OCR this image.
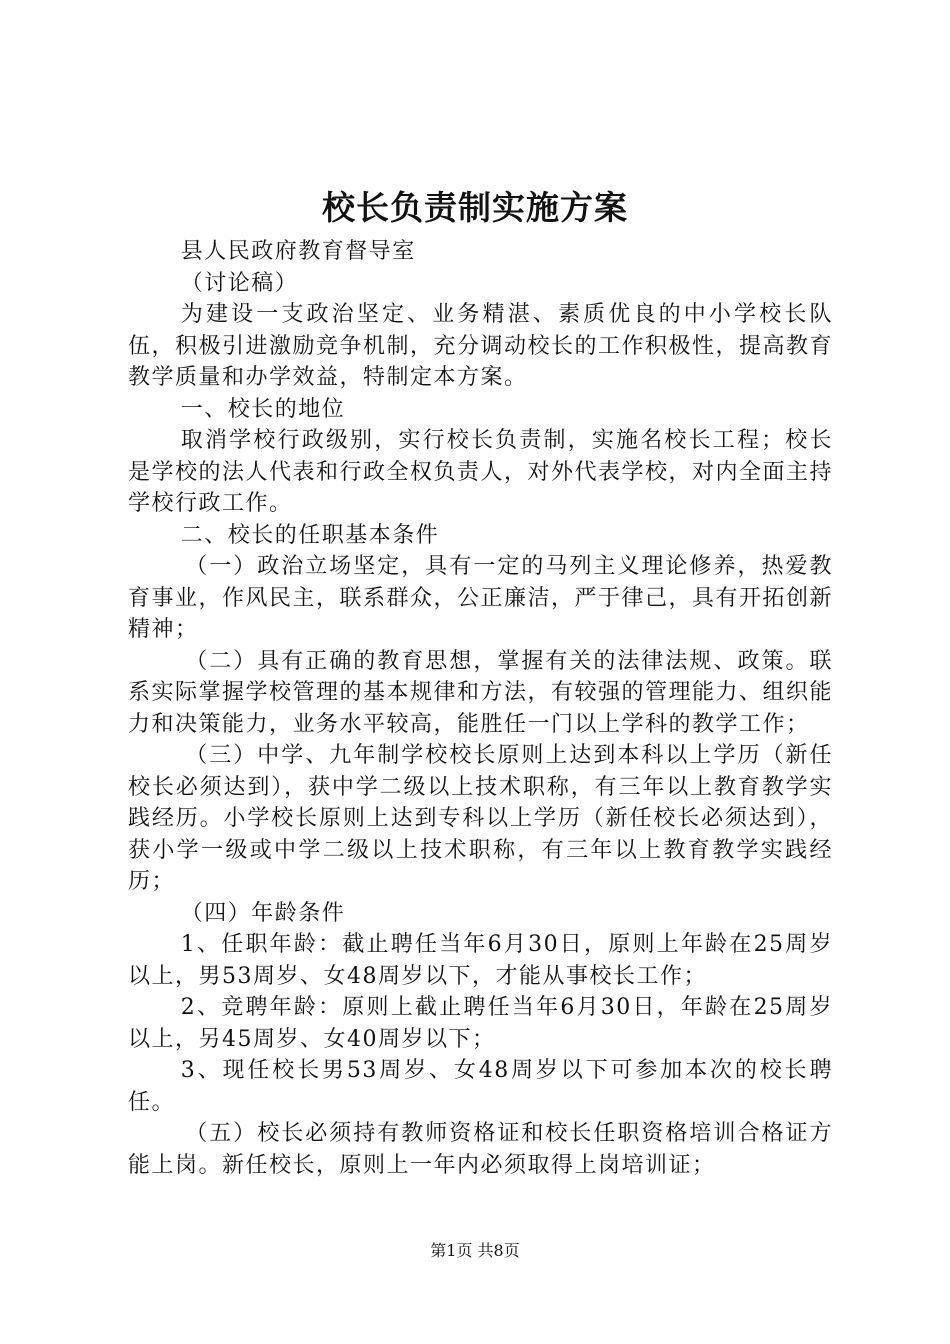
校长负责制实施方案

县人民政府教育督导室

（讨论稿）

为建设一支政治坚定、业务精湛、素质优良的中小学校长队伍，积极引进激励竞争机制，充分调动校长的工作积极性，提高教育教学质量和办学效益，特制定本方案。

一、校长的地位

取消学校行政级别，实行校长负责制，实施名校长工程；校长是学校的法人代表和行政全权负责人，对外代表学校，对内全面主持学校行政工作。

二、校长的任职基本条件

（一）政治立场坚定，具有一定的马列主义理论修养，热爱教育事业，作风民主，联系群众，公正廉洁，严于律己，具有开拓创新精神；

（二）具有正确的教育思想，掌握有关的法律法规、政策。联系实际掌握学校管理的基本规律和方法，有较强的管理能力、组织能力和决策能力，业务水平较高，能胜任一门以上学科的教学工作；

（三）中学、九年制学校校长原则上达到本科以上学历（新任校长必须达到），获中学二级以上技术职称，有三年以上教育教学实践经历。小学校长原则上达到专科以上学历（新任校长必须达到），获小学一级或中学二级以上技术职称，有三年以上教育教学实践经历；

（四）年龄条件

1、任职年龄：截止聘任当年6月30日，原则上年龄在25周岁以上，男53周岁、女48周岁以下，才能从事校长工作；

2、竞聘年龄：原则上截止聘任当年6月30日，年龄在25周岁以上，另45周岁、女40周岁以下；

3、现任校长男53周岁、女48周岁以下可参加本次的校长聘任。

（五）校长必须持有教师资格证和校长任职资格培训合格证方能上岗。新任校长，原则上一年内必须取得上岗培训证；

第1页 共8页
